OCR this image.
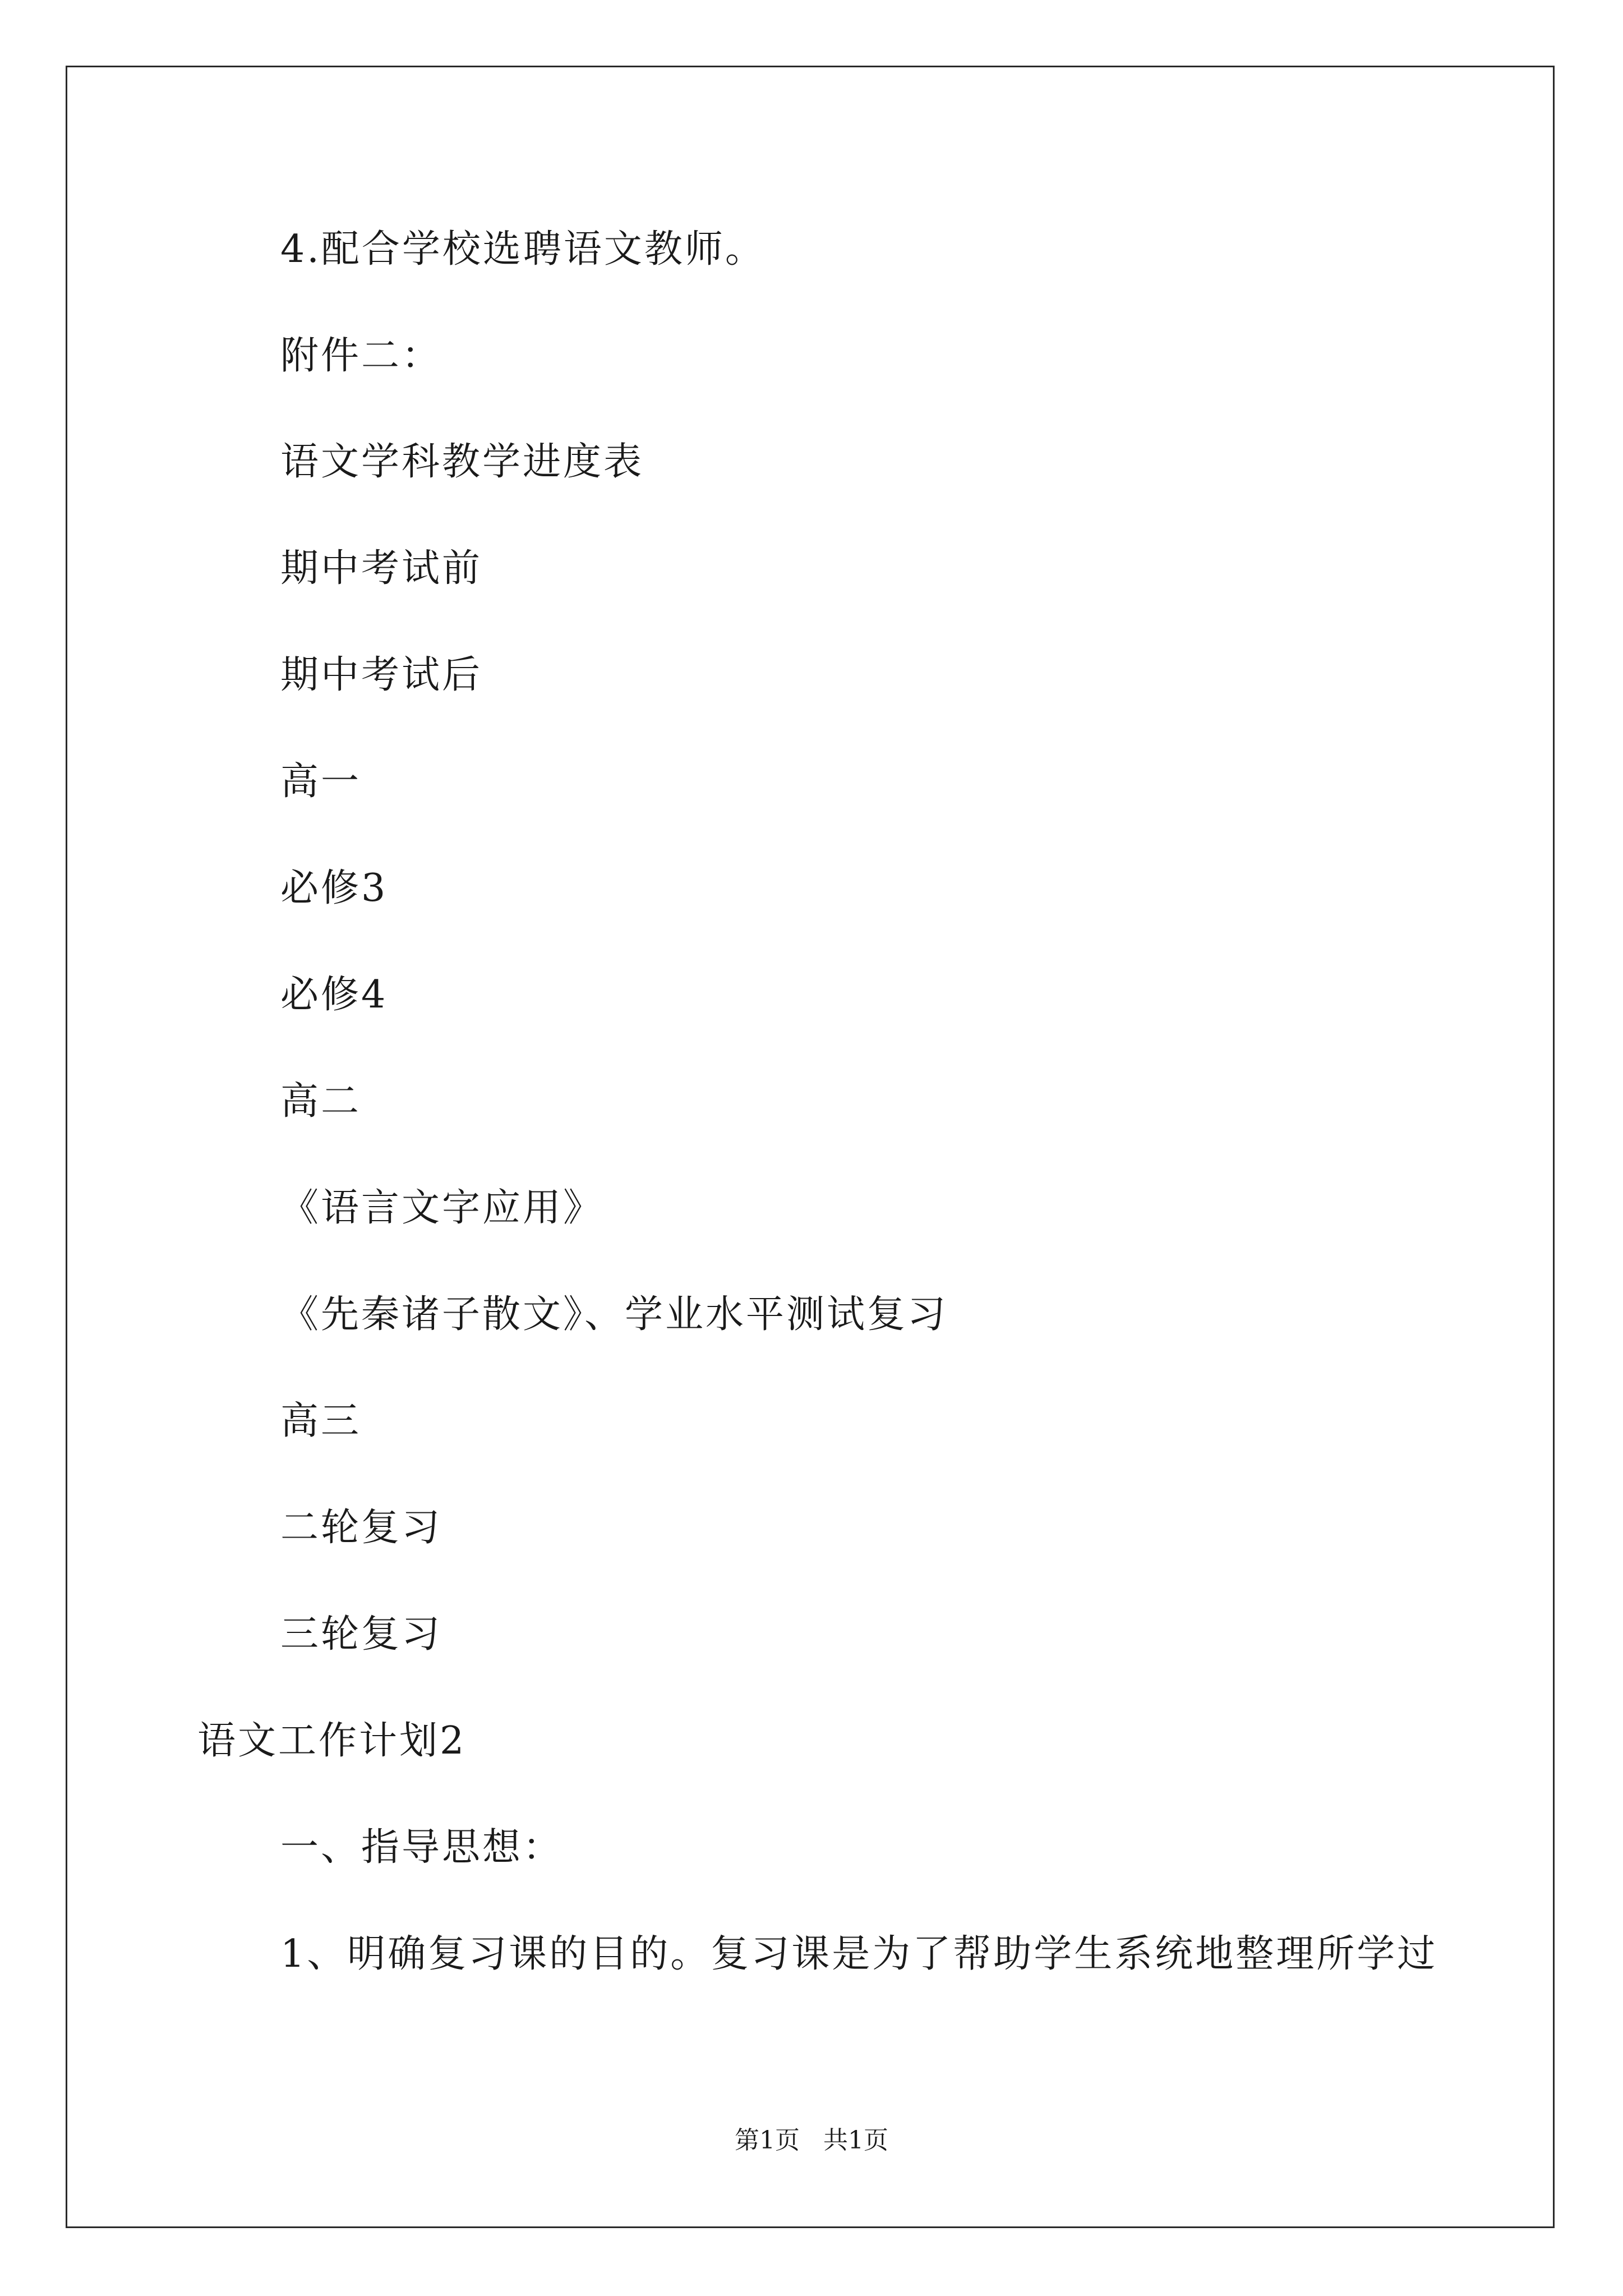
4.配合学校选聘语文教师。
附件二：
语文学科教学进度表
期中考试前
期中考试后
高一
必修3
必修4
高二
《语言文字应用》
《先秦诸子散文》、学业水平测试复习
高三
二轮复习
三轮复习
语文工作计划2
一、指导思想：
1、明确复习课的目的。复习课是为了帮助学生系统地整理所学过
第1页   共1页
